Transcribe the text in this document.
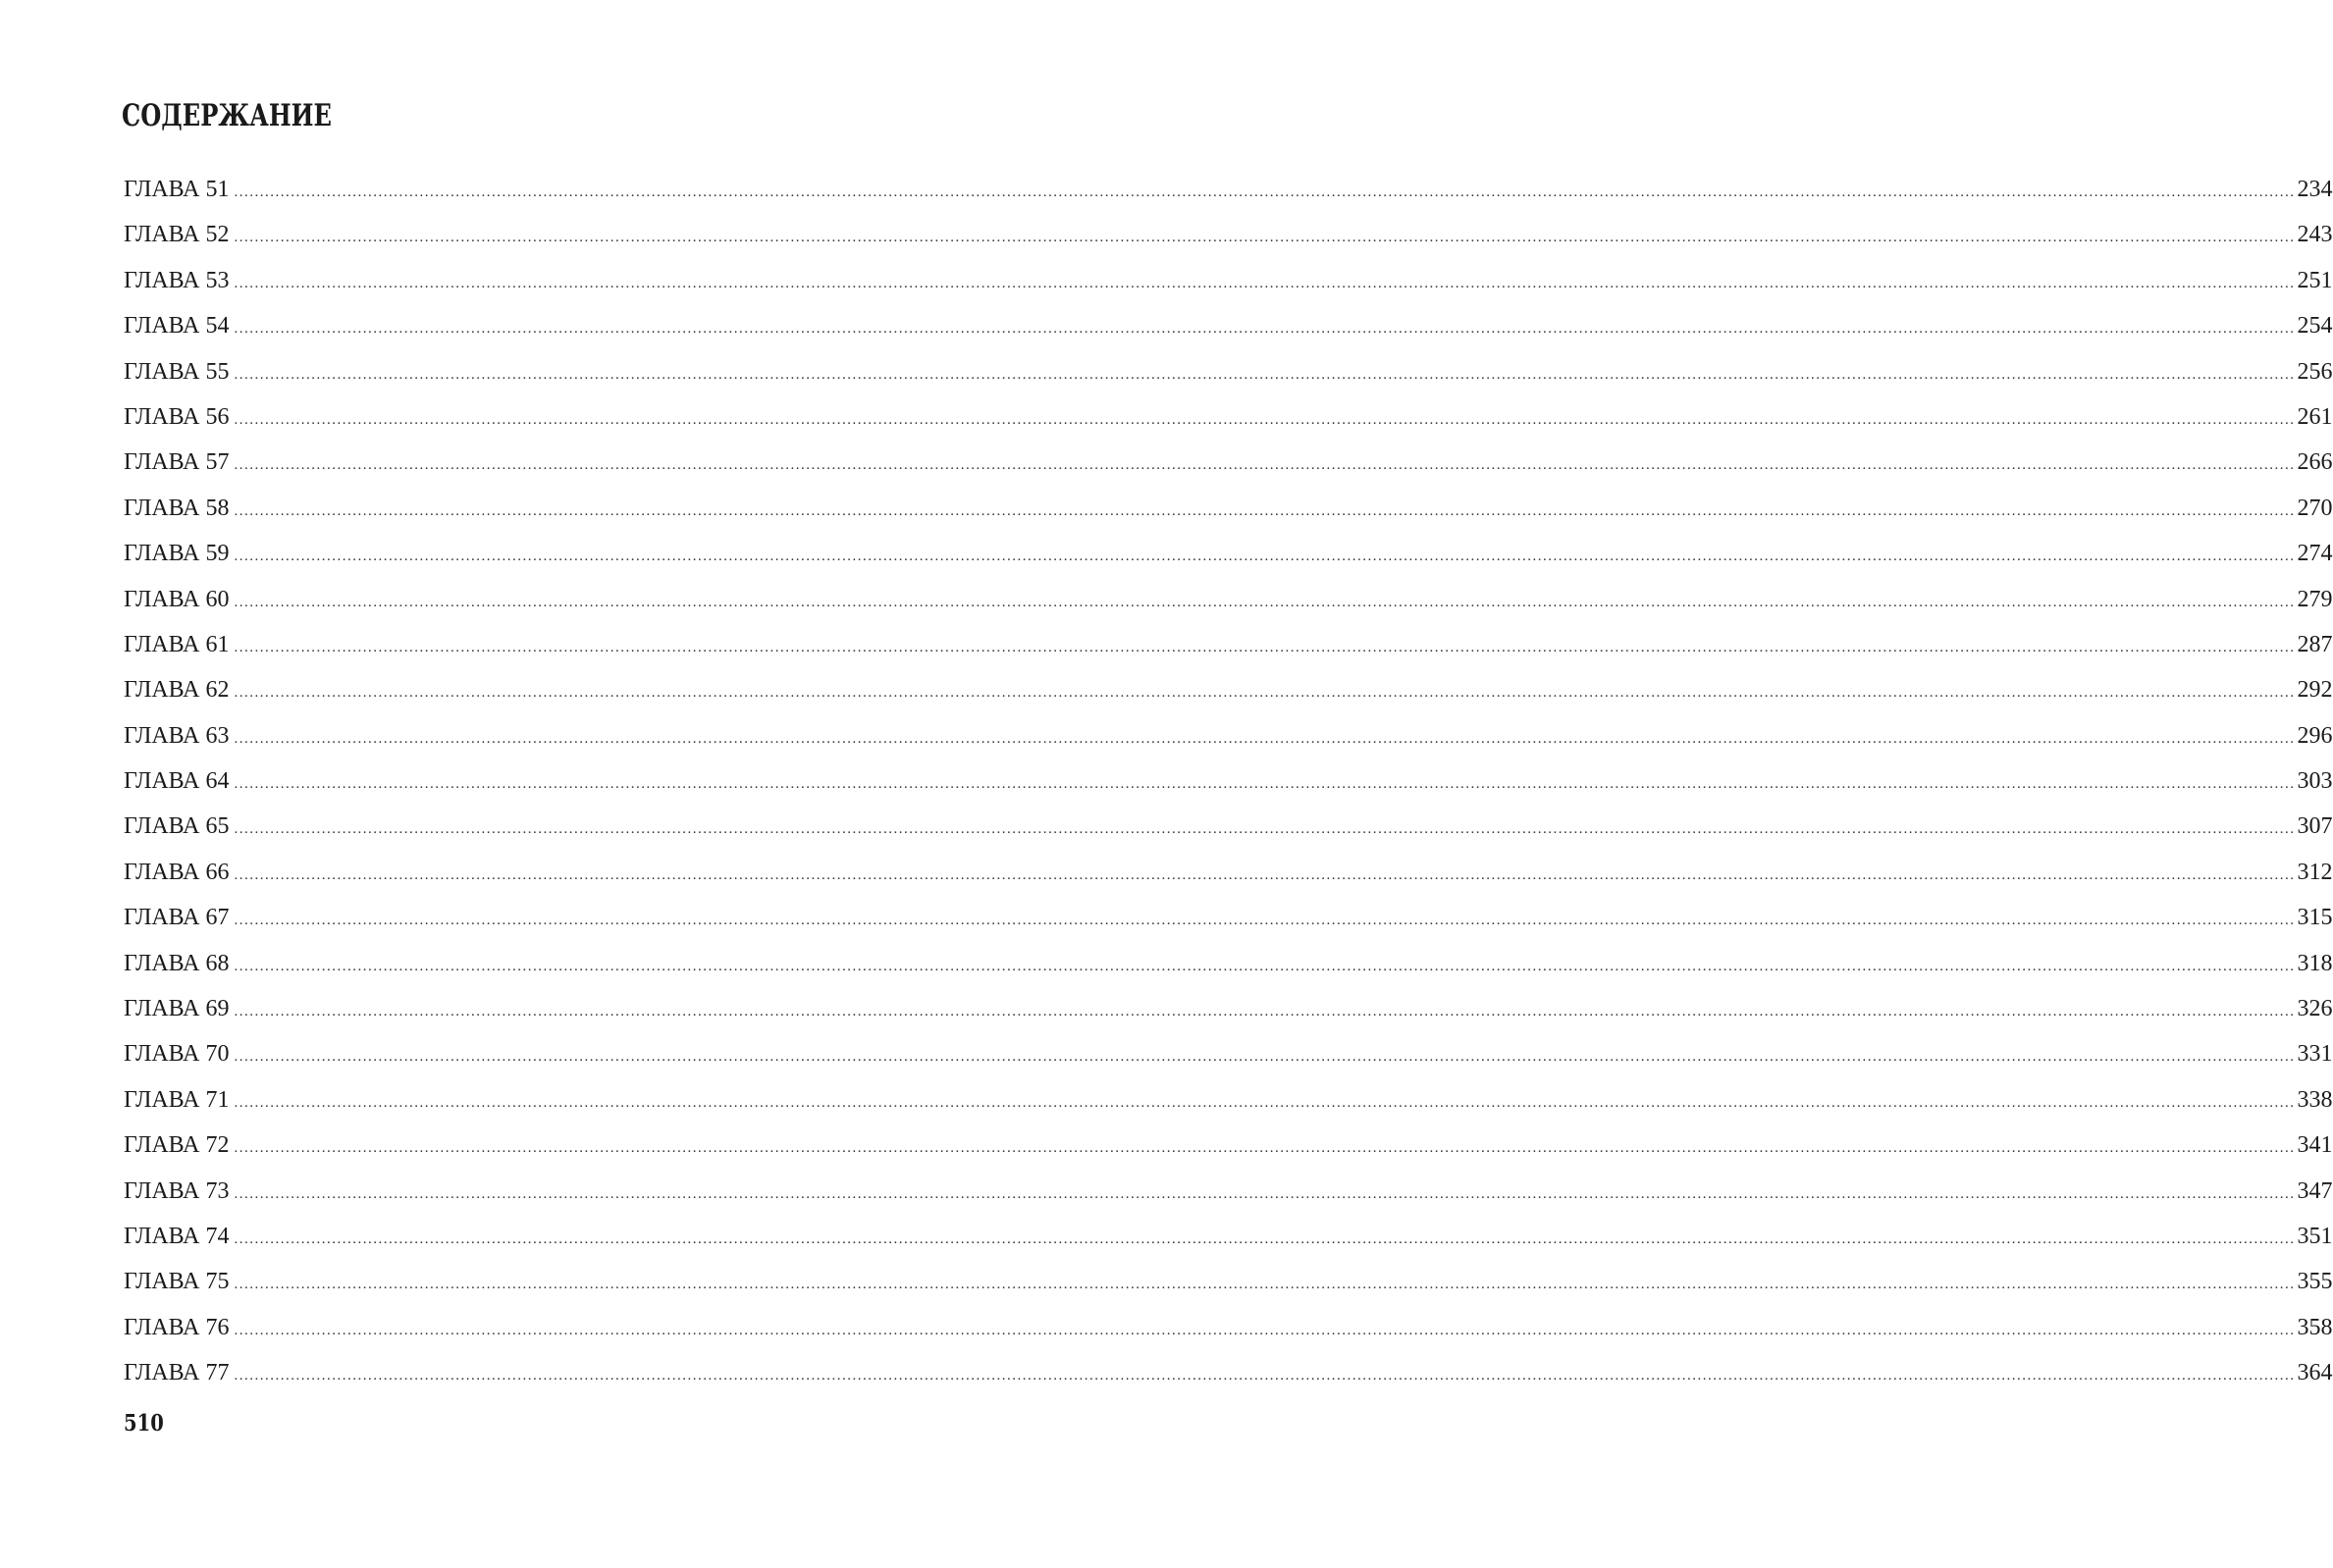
СОДЕРЖАНИЕ
ГЛАВА 51 ................................................................................................................................................................................................................................................................................................................................................................................................................ 234
ГЛАВА 52 ................................................................................................................................................................................................................................................................................................................................................................................................................ 243
ГЛАВА 53 ................................................................................................................................................................................................................................................................................................................................................................................................................ 251
ГЛАВА 54 ................................................................................................................................................................................................................................................................................................................................................................................................................ 254
ГЛАВА 55 ................................................................................................................................................................................................................................................................................................................................................................................................................ 256
ГЛАВА 56 ................................................................................................................................................................................................................................................................................................................................................................................................................ 261
ГЛАВА 57 ................................................................................................................................................................................................................................................................................................................................................................................................................ 266
ГЛАВА 58 ................................................................................................................................................................................................................................................................................................................................................................................................................ 270
ГЛАВА 59 ................................................................................................................................................................................................................................................................................................................................................................................................................ 274
ГЛАВА 60 ................................................................................................................................................................................................................................................................................................................................................................................................................ 279
ГЛАВА 61 ................................................................................................................................................................................................................................................................................................................................................................................................................ 287
ГЛАВА 62 ................................................................................................................................................................................................................................................................................................................................................................................................................ 292
ГЛАВА 63 ................................................................................................................................................................................................................................................................................................................................................................................................................ 296
ГЛАВА 64 ................................................................................................................................................................................................................................................................................................................................................................................................................ 303
ГЛАВА 65 ................................................................................................................................................................................................................................................................................................................................................................................................................ 307
ГЛАВА 66 ................................................................................................................................................................................................................................................................................................................................................................................................................ 312
ГЛАВА 67 ................................................................................................................................................................................................................................................................................................................................................................................................................ 315
ГЛАВА 68 ................................................................................................................................................................................................................................................................................................................................................................................................................ 318
ГЛАВА 69 ................................................................................................................................................................................................................................................................................................................................................................................................................ 326
ГЛАВА 70 ................................................................................................................................................................................................................................................................................................................................................................................................................ 331
ГЛАВА 71 ................................................................................................................................................................................................................................................................................................................................................................................................................ 338
ГЛАВА 72 ................................................................................................................................................................................................................................................................................................................................................................................................................ 341
ГЛАВА 73 ................................................................................................................................................................................................................................................................................................................................................................................................................ 347
ГЛАВА 74 ................................................................................................................................................................................................................................................................................................................................................................................................................ 351
ГЛАВА 75 ................................................................................................................................................................................................................................................................................................................................................................................................................ 355
ГЛАВА 76 ................................................................................................................................................................................................................................................................................................................................................................................................................ 358
ГЛАВА 77 ................................................................................................................................................................................................................................................................................................................................................................................................................ 364
510
